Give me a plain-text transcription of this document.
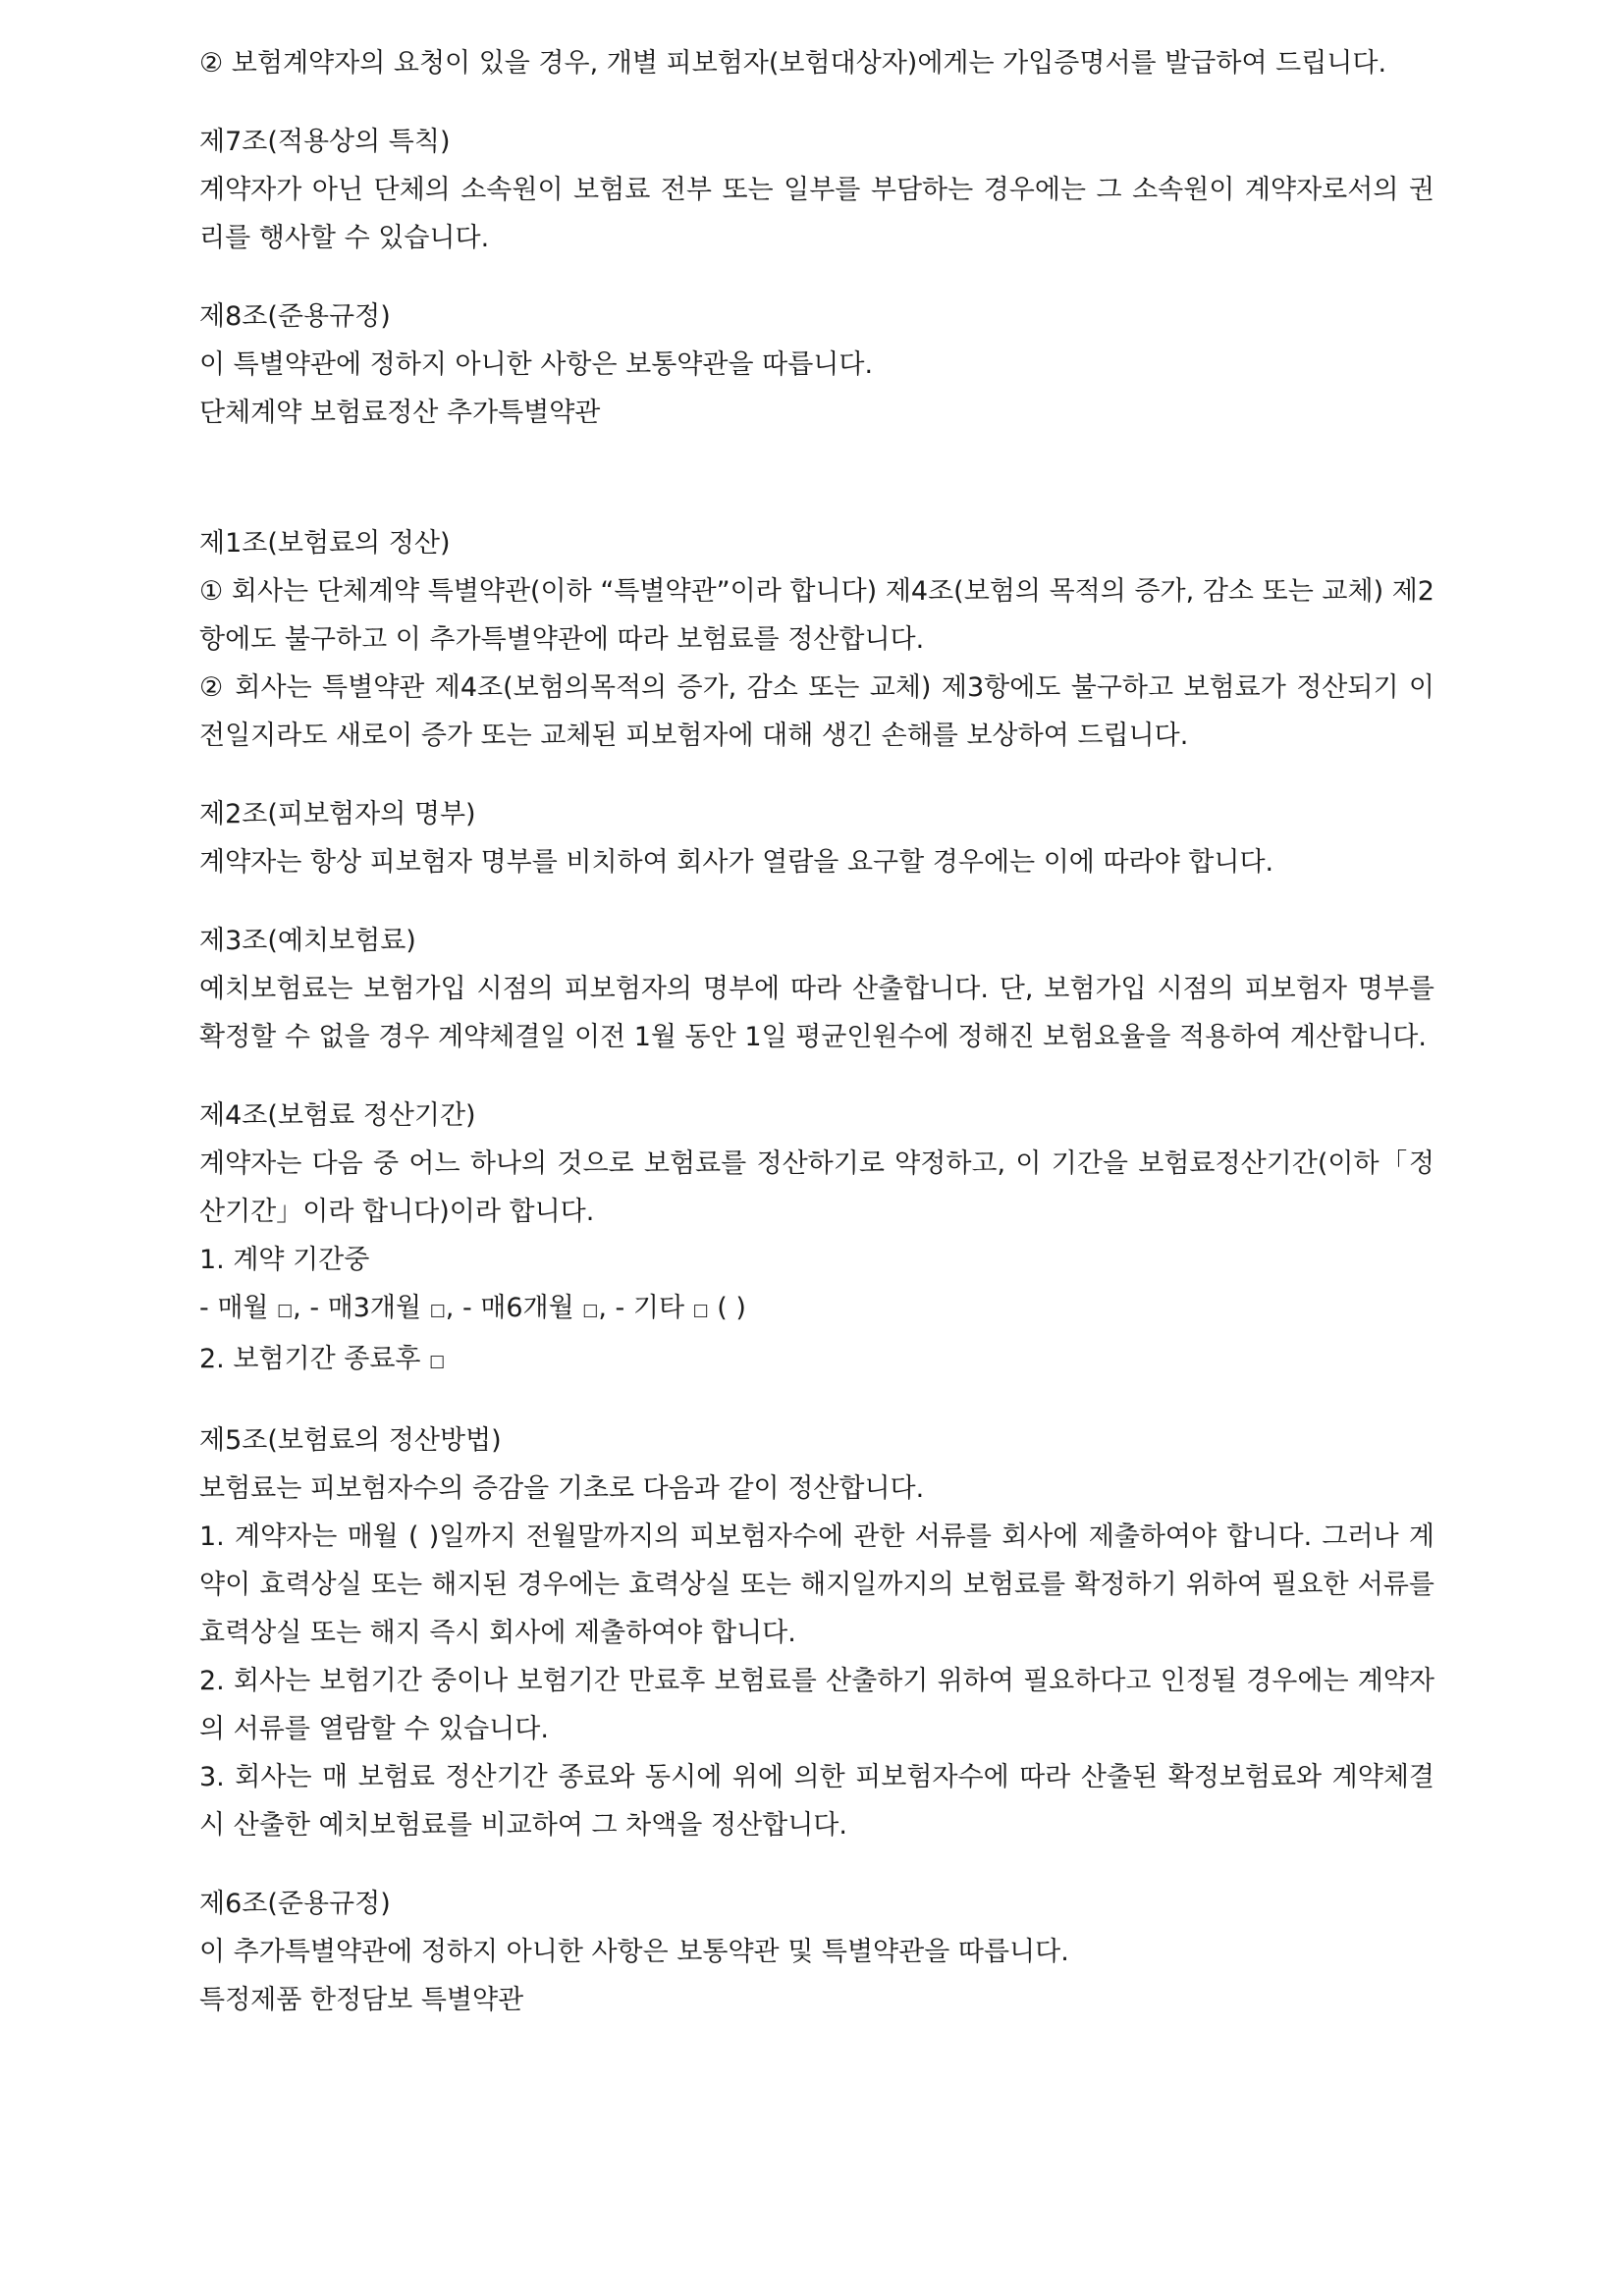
② 보험계약자의 요청이 있을 경우, 개별 피보험자(보험대상자)에게는 가입증명서를 발급하여 드립니다.

제7조(적용상의 특칙)

계약자가 아닌 단체의 소속원이 보험료 전부 또는 일부를 부담하는 경우에는 그 소속원이 계약자로서의 권리를 행사할 수 있습니다.

제8조(준용규정)

이 특별약관에 정하지 아니한 사항은 보통약관을 따릅니다.

단체계약 보험료정산 추가특별약관

제1조(보험료의 정산)

① 회사는 단체계약 특별약관(이하 “특별약관”이라 합니다) 제4조(보험의 목적의 증가, 감소 또는 교체) 제2항에도 불구하고 이 추가특별약관에 따라 보험료를 정산합니다.

② 회사는 특별약관 제4조(보험의목적의 증가, 감소 또는 교체) 제3항에도 불구하고 보험료가 정산되기 이전일지라도 새로이 증가 또는 교체된 피보험자에 대해 생긴 손해를 보상하여 드립니다.

제2조(피보험자의 명부)

계약자는 항상 피보험자 명부를 비치하여 회사가 열람을 요구할 경우에는 이에 따라야 합니다.

제3조(예치보험료)

예치보험료는 보험가입 시점의 피보험자의 명부에 따라 산출합니다. 단, 보험가입 시점의 피보험자 명부를 확정할 수 없을 경우 계약체결일 이전 1월 동안 1일 평균인원수에 정해진 보험요율을 적용하여 계산합니다.

제4조(보험료 정산기간)

계약자는 다음 중 어느 하나의 것으로 보험료를 정산하기로 약정하고, 이 기간을 보험료정산기간(이하「정산기간」이라 합니다)이라 합니다.

1. 계약 기간중

- 매월 □, - 매3개월 □, - 매6개월 □, - 기타 □ ( )

2. 보험기간 종료후 □

제5조(보험료의 정산방법)

보험료는 피보험자수의 증감을 기초로 다음과 같이 정산합니다.

1. 계약자는 매월 ( )일까지 전월말까지의 피보험자수에 관한 서류를 회사에 제출하여야 합니다. 그러나 계약이 효력상실 또는 해지된 경우에는 효력상실 또는 해지일까지의 보험료를 확정하기 위하여 필요한 서류를 효력상실 또는 해지 즉시 회사에 제출하여야 합니다.

2. 회사는 보험기간 중이나 보험기간 만료후 보험료를 산출하기 위하여 필요하다고 인정될 경우에는 계약자의 서류를 열람할 수 있습니다.

3. 회사는 매 보험료 정산기간 종료와 동시에 위에 의한 피보험자수에 따라 산출된 확정보험료와 계약체결시 산출한 예치보험료를 비교하여 그 차액을 정산합니다.

제6조(준용규정)

이 추가특별약관에 정하지 아니한 사항은 보통약관 및 특별약관을 따릅니다.

특정제품 한정담보 특별약관
